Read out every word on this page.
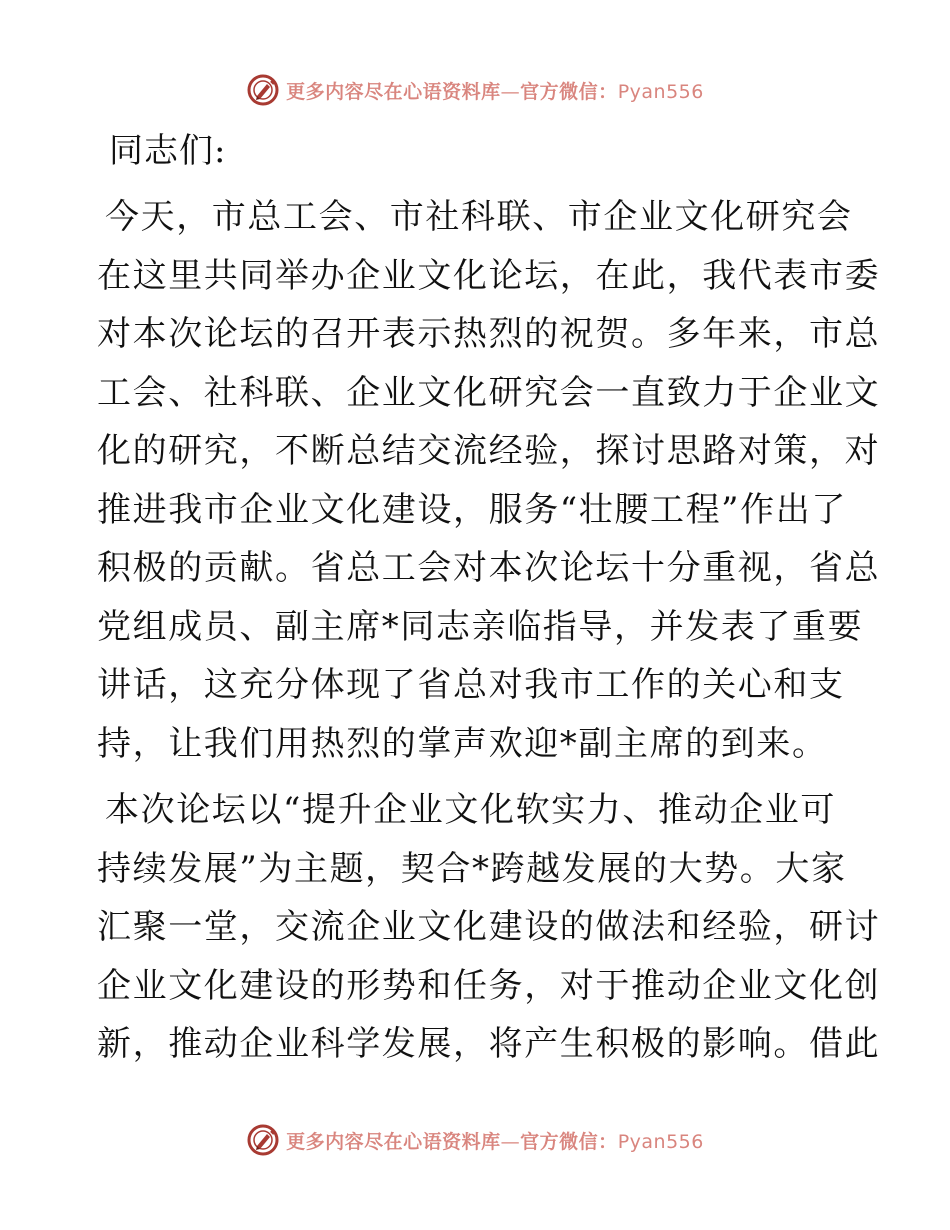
更多内容尽在心语资料库—官方微信：Pyan556
同志们:
今天，市总工会、市社科联、市企业文化研究会
在这里共同举办企业文化论坛，在此，我代表市委
对本次论坛的召开表示热烈的祝贺。多年来，市总
工会、社科联、企业文化研究会一直致力于企业文
化的研究，不断总结交流经验，探讨思路对策，对
推进我市企业文化建设，服务“壮腰工程”作出了
积极的贡献。省总工会对本次论坛十分重视，省总
党组成员、副主席*同志亲临指导，并发表了重要
讲话，这充分体现了省总对我市工作的关心和支
持，让我们用热烈的掌声欢迎*副主席的到来。
本次论坛以“提升企业文化软实力、推动企业可
持续发展”为主题，契合*跨越发展的大势。大家
汇聚一堂，交流企业文化建设的做法和经验，研讨
企业文化建设的形势和任务，对于推动企业文化创
新，推动企业科学发展，将产生积极的影响。借此
更多内容尽在心语资料库—官方微信：Pyan556
